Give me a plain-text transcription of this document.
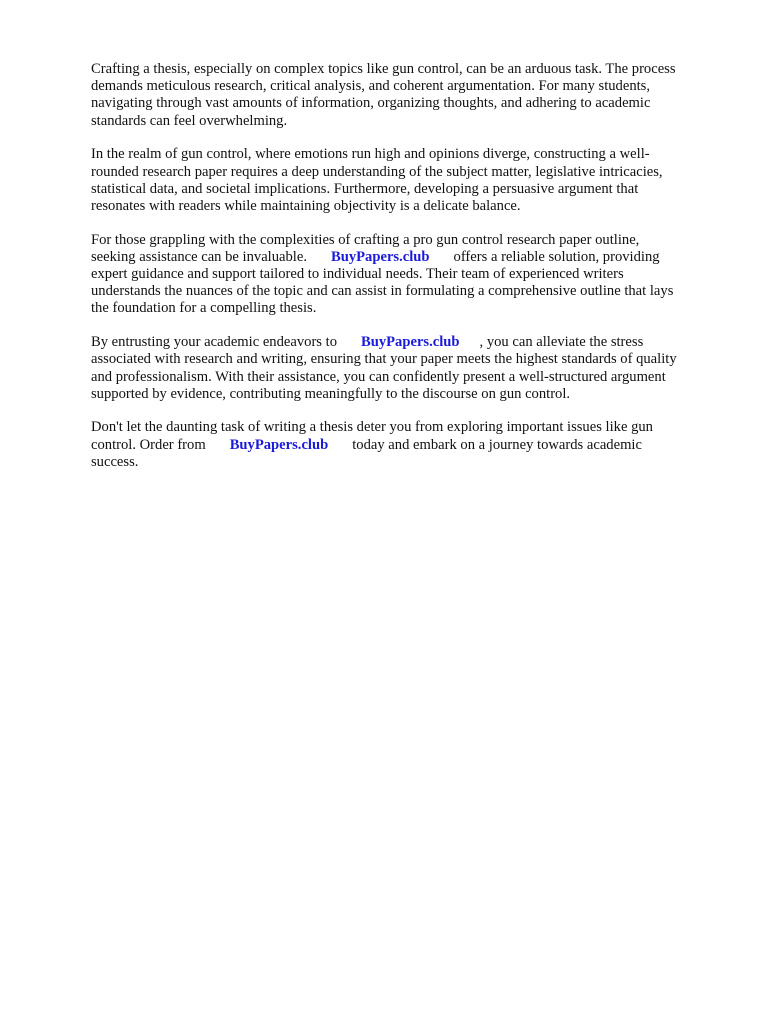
Crafting a thesis, especially on complex topics like gun control, can be an arduous task. The process
demands meticulous research, critical analysis, and coherent argumentation. For many students,
navigating through vast amounts of information, organizing thoughts, and adhering to academic
standards can feel overwhelming.

In the realm of gun control, where emotions run high and opinions diverge, constructing a well-
rounded research paper requires a deep understanding of the subject matter, legislative intricacies,
statistical data, and societal implications. Furthermore, developing a persuasive argument that
resonates with readers while maintaining objectivity is a delicate balance.

For those grappling with the complexities of crafting a pro gun control research paper outline,
seeking assistance can be invaluable. BuyPapers.club offers a reliable solution, providing
expert guidance and support tailored to individual needs. Their team of experienced writers
understands the nuances of the topic and can assist in formulating a comprehensive outline that lays
the foundation for a compelling thesis.

By entrusting your academic endeavors to BuyPapers.club , you can alleviate the stress
associated with research and writing, ensuring that your paper meets the highest standards of quality
and professionalism. With their assistance, you can confidently present a well-structured argument
supported by evidence, contributing meaningfully to the discourse on gun control.

Don't let the daunting task of writing a thesis deter you from exploring important issues like gun
control. Order from BuyPapers.club today and embark on a journey towards academic
success.
